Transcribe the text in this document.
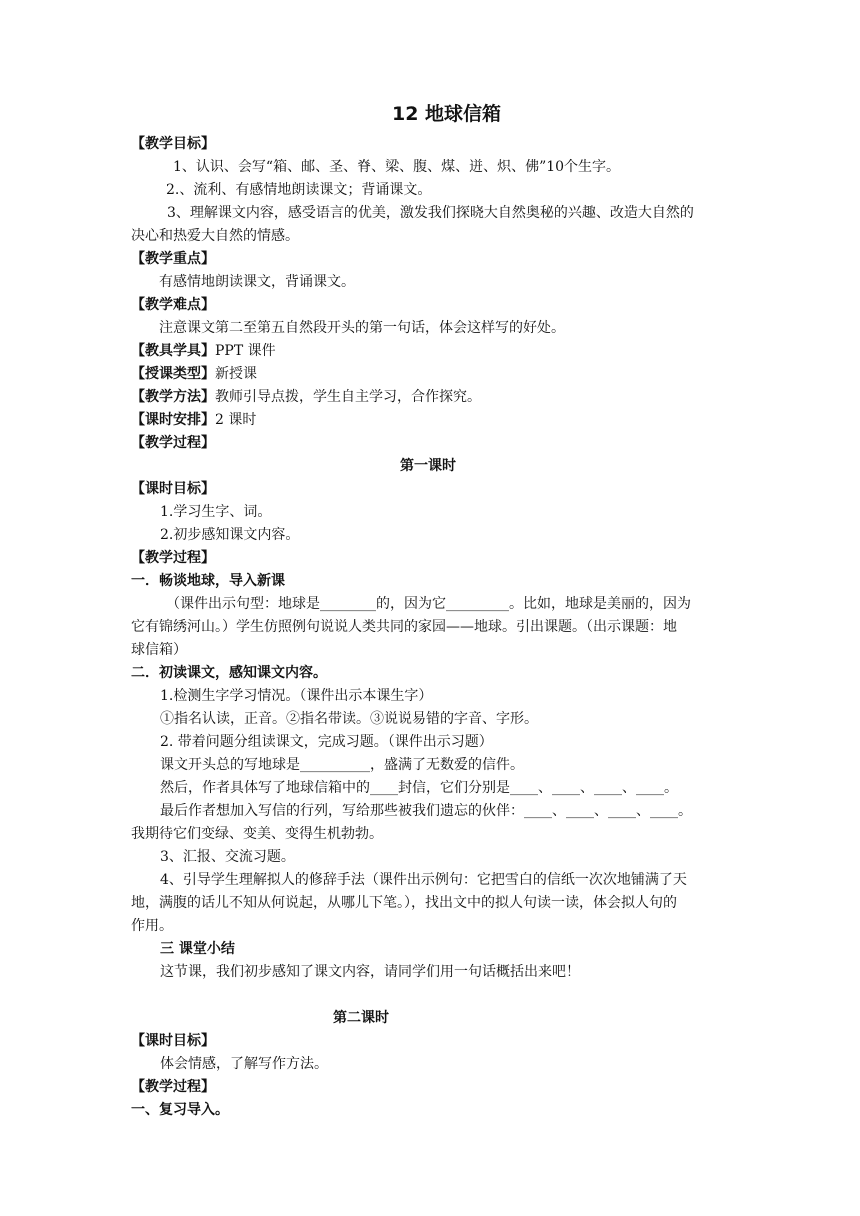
12 地球信箱
【教学目标】
1、认识、会写“箱、邮、圣、脊、梁、腹、煤、迸、炽、佛”10个生字。
2.、流利、有感情地朗读课文；背诵课文。
3、理解课文内容，感受语言的优美，激发我们探晓大自然奥秘的兴趣、改造大自然的
决心和热爱大自然的情感。
【教学重点】
有感情地朗读课文，背诵课文。
【教学难点】
注意课文第二至第五自然段开头的第一句话，体会这样写的好处。
【教具学具】PPT 课件
【授课类型】新授课
【教学方法】教师引导点拨，学生自主学习，合作探究。
【课时安排】2 课时
【教学过程】
第一课时
【课时目标】
1.学习生字、词。
2.初步感知课文内容。
【教学过程】
一．畅谈地球，导入新课
（课件出示句型：地球是________的，因为它_________。比如，地球是美丽的，因为
它有锦绣河山。）学生仿照例句说说人类共同的家园——地球。引出课题。（出示课题：地
球信箱）
二．初读课文，感知课文内容。
1.检测生字学习情况。（课件出示本课生字）
①指名认读，正音。②指名带读。③说说易错的字音、字形。
2. 带着问题分组读课文，完成习题。（课件出示习题）
课文开头总的写地球是__________，盛满了无数爱的信件。
然后，作者具体写了地球信箱中的____封信，它们分别是____、____、____、____。
最后作者想加入写信的行列，写给那些被我们遗忘的伙伴：____、____、____、____。
我期待它们变绿、变美、变得生机勃勃。
3、汇报、交流习题。
4、引导学生理解拟人的修辞手法（课件出示例句：它把雪白的信纸一次次地铺满了天
地，满腹的话儿不知从何说起，从哪儿下笔。），找出文中的拟人句读一读，体会拟人句的
作用。
三 课堂小结
这节课，我们初步感知了课文内容，请同学们用一句话概括出来吧！
第二课时
【课时目标】
体会情感，了解写作方法。
【教学过程】
一、复习导入。
